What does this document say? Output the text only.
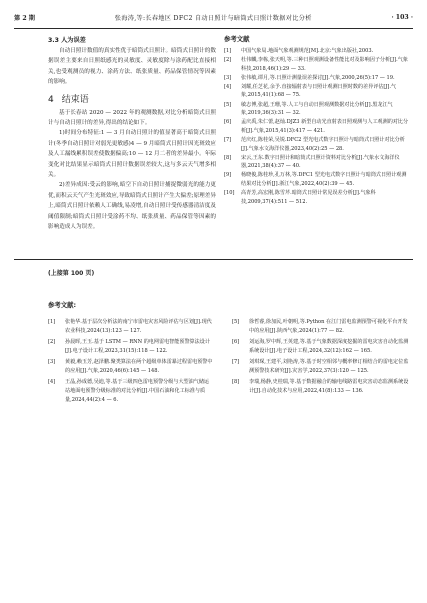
第 2 期	张海涛,等:长春地区 DFC2 自动日照计与暗筒式日照计数据对比分析	· 103 ·
3.3 人为误差

自动日照计数值的真实性优于暗筒式日照计。暗筒式日照计的数据误差主要来自日照纸感光的灵敏度、灵敏度除与涂药配比直接相关,也受观测员的视力、涂药方法、纸张质量、药品保管情况等因素的影响。

4 结束语

基于长春站 2020 — 2022 年的观测数据,对比分析暗筒式日照计与自动日照计的差异,得出的结论如下。

1)时间分布特征:1 — 3 月自动日照计的值显著高于暗筒式日照计(冬季自动日照计对弱光更敏感)4 — 9 月暗筒式日照计因光斑效应及人工漏线累积误差使数据偏高;10 — 12 月二者的差异最小。年际变化对比结果显示暗筒式日照计数据误差较大,这与多云天气增多相关。

2)差异成因:受云的影响,暗空下自动日照计捕捉微弱光的能力更优,而积云天气产生光斑效应,导致暗筒式日照计产生大偏差;原理差异上,暗筒式日照计依赖人工确线,易凌增,自动日照计受传感器清洁度及阈值限制;暗筒式日照计受涂药不均、纸张质量、药品保管等因素的影响造成人为误差。

参考文献
[1]	中国气象局.地面气象观测规范[M].北京:气象出版社,2003.
[2]	杜伟麟,李栋,张天明,等.三种日照观测设备性能比对及影响因子分析[J].气象科技,2018,46(1):29 — 33.
[3]	张伟敏,谭月,等.日照计测量误差探讨[J].气象,2000,26(5):17 — 19.
[4]	刘耀,任芝花,余予.直接辐射表与日照计观测日照时数的差异评估[J].气象,2015,41(1):68 — 75.
[5]	敏志博,张超,王珊,等.人工与自动日照观测数据对比分析[J].黑龙江气象,2019,36(3):31 — 32.
[6]	孟庆禹,朱仁蕾,赵灿.DJZ3 新型自动光直射表日照观测与人工观测的对比分析[J].气象,2015,41(3):417 — 421.
[7]	范庆红,陈桂荣,吴锐.DFC2 型光电式数字日照计与暗筒式日照计对比分析[J].气象水文海洋仪器,2023,40(2):25 — 28.
[8]	宋云,王东.数字日照计和暗筒式日照计资料对比分析[J].气象水文海洋仪器,2021,38(4):37 — 40.
[9]	杨晓俊,陈桂珍,孔万林,等.DFC1 型光电式数字日照计与暗筒式日照计观测结果对比分析[J].浙江气象,2022,40(2):39 — 45.
[10]	高青芳,高宏刚,陈雪芹.暗筒式日照计常见误差分析[J].气象科技,2009,37(4):511 — 512.
(上接第 100 页)
参考文献:
[1]	张艳华.基于层次分析法的南宁市雷电灾害风险评估与区划[J].现代农业科技,2024(13):123 — 127.
[2]	孙晨晖,王玉.基于 LSTM — RNN 的电网雷电智能预警算法设计[J].电子设计工程,2023,31(15):118 — 122.
[3]	黄毅,赖玉芳,赵泽鹏.聚类算法在两个超级单体雷暴过程雷电预警中的应用[J].气象,2020,46(6):145 — 148.
[4]	王晶,孙成德,吴迪,等.基于三级四色雷电预警分级与大型油气储运站地面电预警分级标准的对比分析[J].中国石油和化工标准与质量,2024,44(2):4 — 6.
[5]	徐哲睿,徐加民,叶朝明,等.Python 在江门雷电监测预警可视化平台开发中的应用[J].陕西气象,2024(1):77 — 82.
[6]	刘运海,罗中辉,王英建,等.基于气象数据深度挖掘的雷电灾害自动化监测系统设计[J].电子设计工程,2024,32(12):162 — 165.
[7]	刘琪琛,王建平,刘艳涛,等.基于时空相邻与概率修订相结合的雷电定位监测预警技术研究[J].灾害学,2022,37(3):120 — 125.
[8]	李瑞,杨静,史桂瑞,等.基于数据融合的输电线路雷电灾害动态监测系统设计[J].自动化技术与应用,2022,41(8):133 — 136.
